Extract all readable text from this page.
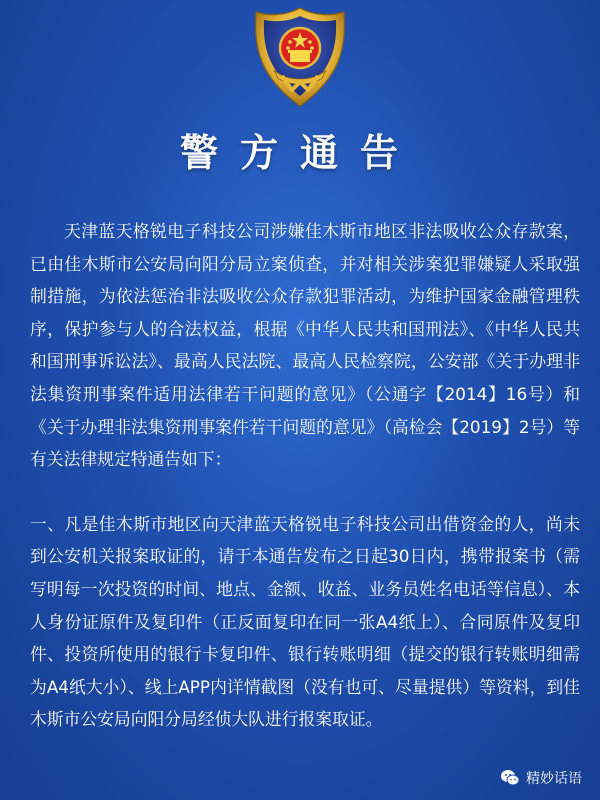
警方通告

天津蓝天格锐电子科技公司涉嫌佳木斯市地区非法吸收公众存款案，已由佳木斯市公安局向阳分局立案侦查，并对相关涉案犯罪嫌疑人采取强制措施，为依法惩治非法吸收公众存款犯罪活动，为维护国家金融管理秩序，保护参与人的合法权益，根据《中华人民共和国刑法》、《中华人民共和国刑事诉讼法》、最高人民法院、最高人民检察院，公安部《关于办理非法集资刑事案件适用法律若干问题的意见》（公通字【2014】16号）和《关于办理非法集资刑事案件若干问题的意见》（高检会【2019】2号）等有关法律规定特通告如下：

一、凡是佳木斯市地区向天津蓝天格锐电子科技公司出借资金的人，尚未到公安机关报案取证的，请于本通告发布之日起30日内，携带报案书（需写明每一次投资的时间、地点、金额、收益、业务员姓名电话等信息）、本人身份证原件及复印件（正反面复印在同一张A4纸上）、合同原件及复印件、投资所使用的银行卡复印件、银行转账明细（提交的银行转账明细需为A4纸大小）、线上APP内详情截图（没有也可、尽量提供）等资料，到佳木斯市公安局向阳分局经侦大队进行报案取证。

精妙话语
